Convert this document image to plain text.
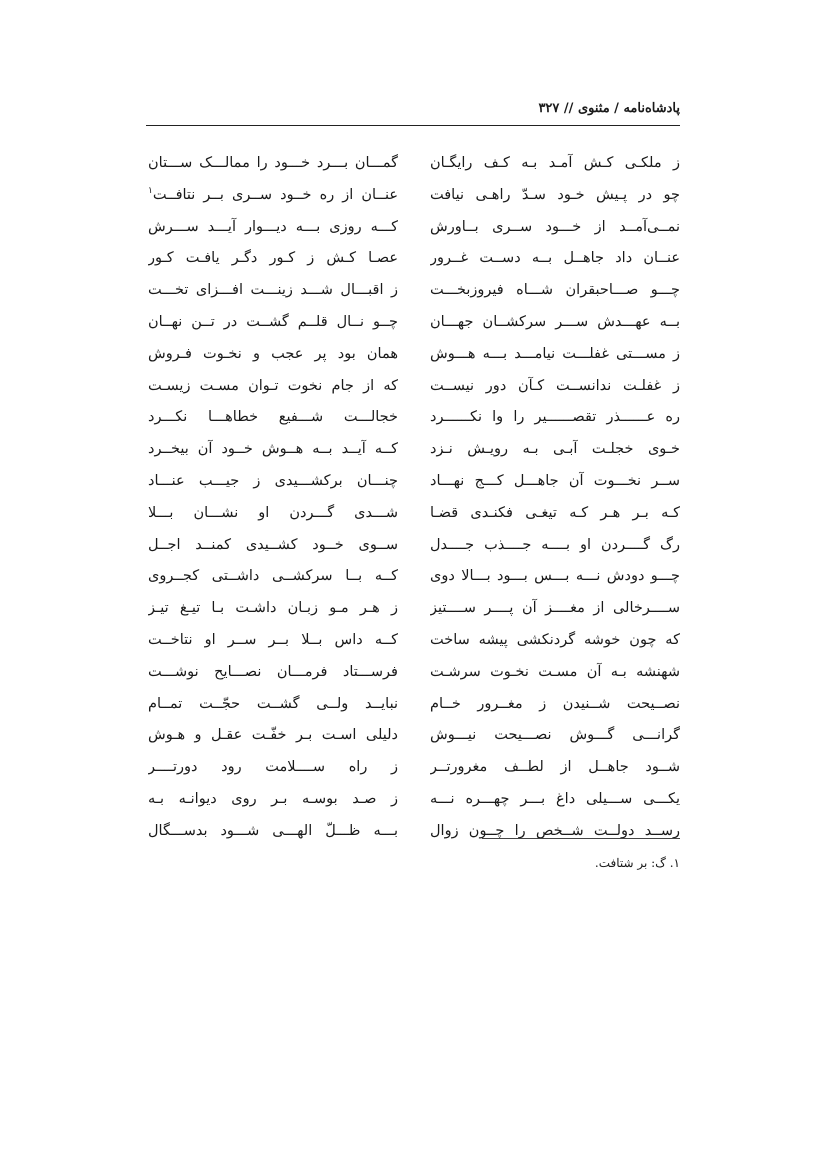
پادشاه‌نامه / مثنوی // ۳۲۷
ز ملکـی کـش آمـد بـه کـف رایگـان
چو در پـیش خـود سـدّ راهـی نیافت
نمــی‌آمــد از خـــود ســری بــاورش
عنــان داد جاهــل بــه دســت غــرور
چـــو صـــاحبقران شـــاه فیروزبخـــت
بــه عهـــدش ســـر سرکشــان جهـــان
ز مســـتی غفلـــت نیامـــد بـــه هـــوش
ز غفلـت ندانســت کـآن دور نیســت
ره عــــــذر تقصــــــیر را وا نکــــــرد
خـوی خجلـت آبـی بـه رویـش نـزد
ســر نخـــوت آن جاهـــل کـــج نهـــاد
کـه بـر هـر کـه تیغـی فکنـدی قضـا
رگ گــــردن او بــــه جــــذب جــــدل
چـــو دودش نـــه بـــس بـــود بـــالا دوی
ســــرخالی از مغــــز آن پــــر ســــتیز
که چون خوشه گردنکشی پیشه ساخت
شهنشه بـه آن مسـت نخـوت سرشـت
نصــیحت شــنیدن ز مغــرور خــام
گرانـــی گـــوش نصـــیحت نیـــوش
شــود جاهــل از لطــف مغرورتــر
یکـــی ســـیلی داغ بـــر چهـــره نـــه
رســد دولــت شــخص را چــون زوال
گمـــان بـــرد خـــود را ممالـــک ســـتان
عنــان از ره خــود ســری بــر نتافــت$^۱$
کـــه روزی بـــه دیـــوار آیـــد ســـرش
عصـا کـش ز کـور دگـر یافـت کـور
ز اقبـــال شـــد زینـــت افـــزای تخـــت
چــو نــال قلــم گشــت در تــن نهــان
همان بود پر عجب و نخـوت فـروش
که از جام نخوت تـوان مسـت زیسـت
خجالـــت شـــفیع خطاهـــا نکـــرد
کــه آیــد بــه هــوش خــود آن بیخــرد
چنـــان برکشـــیدی ز جیـــب عنـــاد
شـــدی گـــردن او نشـــان بـــلا
ســوی خــود کشــیدی کمنــد اجــل
کــه بــا سرکشــی داشــتی کجــروی
ز هـر مـو زبـان داشـت بـا تیـغ تیـز
کــه داس بــلا بــر ســر او نتاخــت
فرســـتاد فرمـــان نصـــایح نوشـــت
نبایــد ولــی گشــت حجّــت تمــام
دلیلی اسـت بـر خفّـت عقـل و هـوش
ز راه ســــلامت رود دورتــــر
ز صـد بوسـه بـر روی دیوانـه بـه
بـــه ظـــلّ الهـــی شـــود بدســـگال
۱. گ: بر شتافت.
